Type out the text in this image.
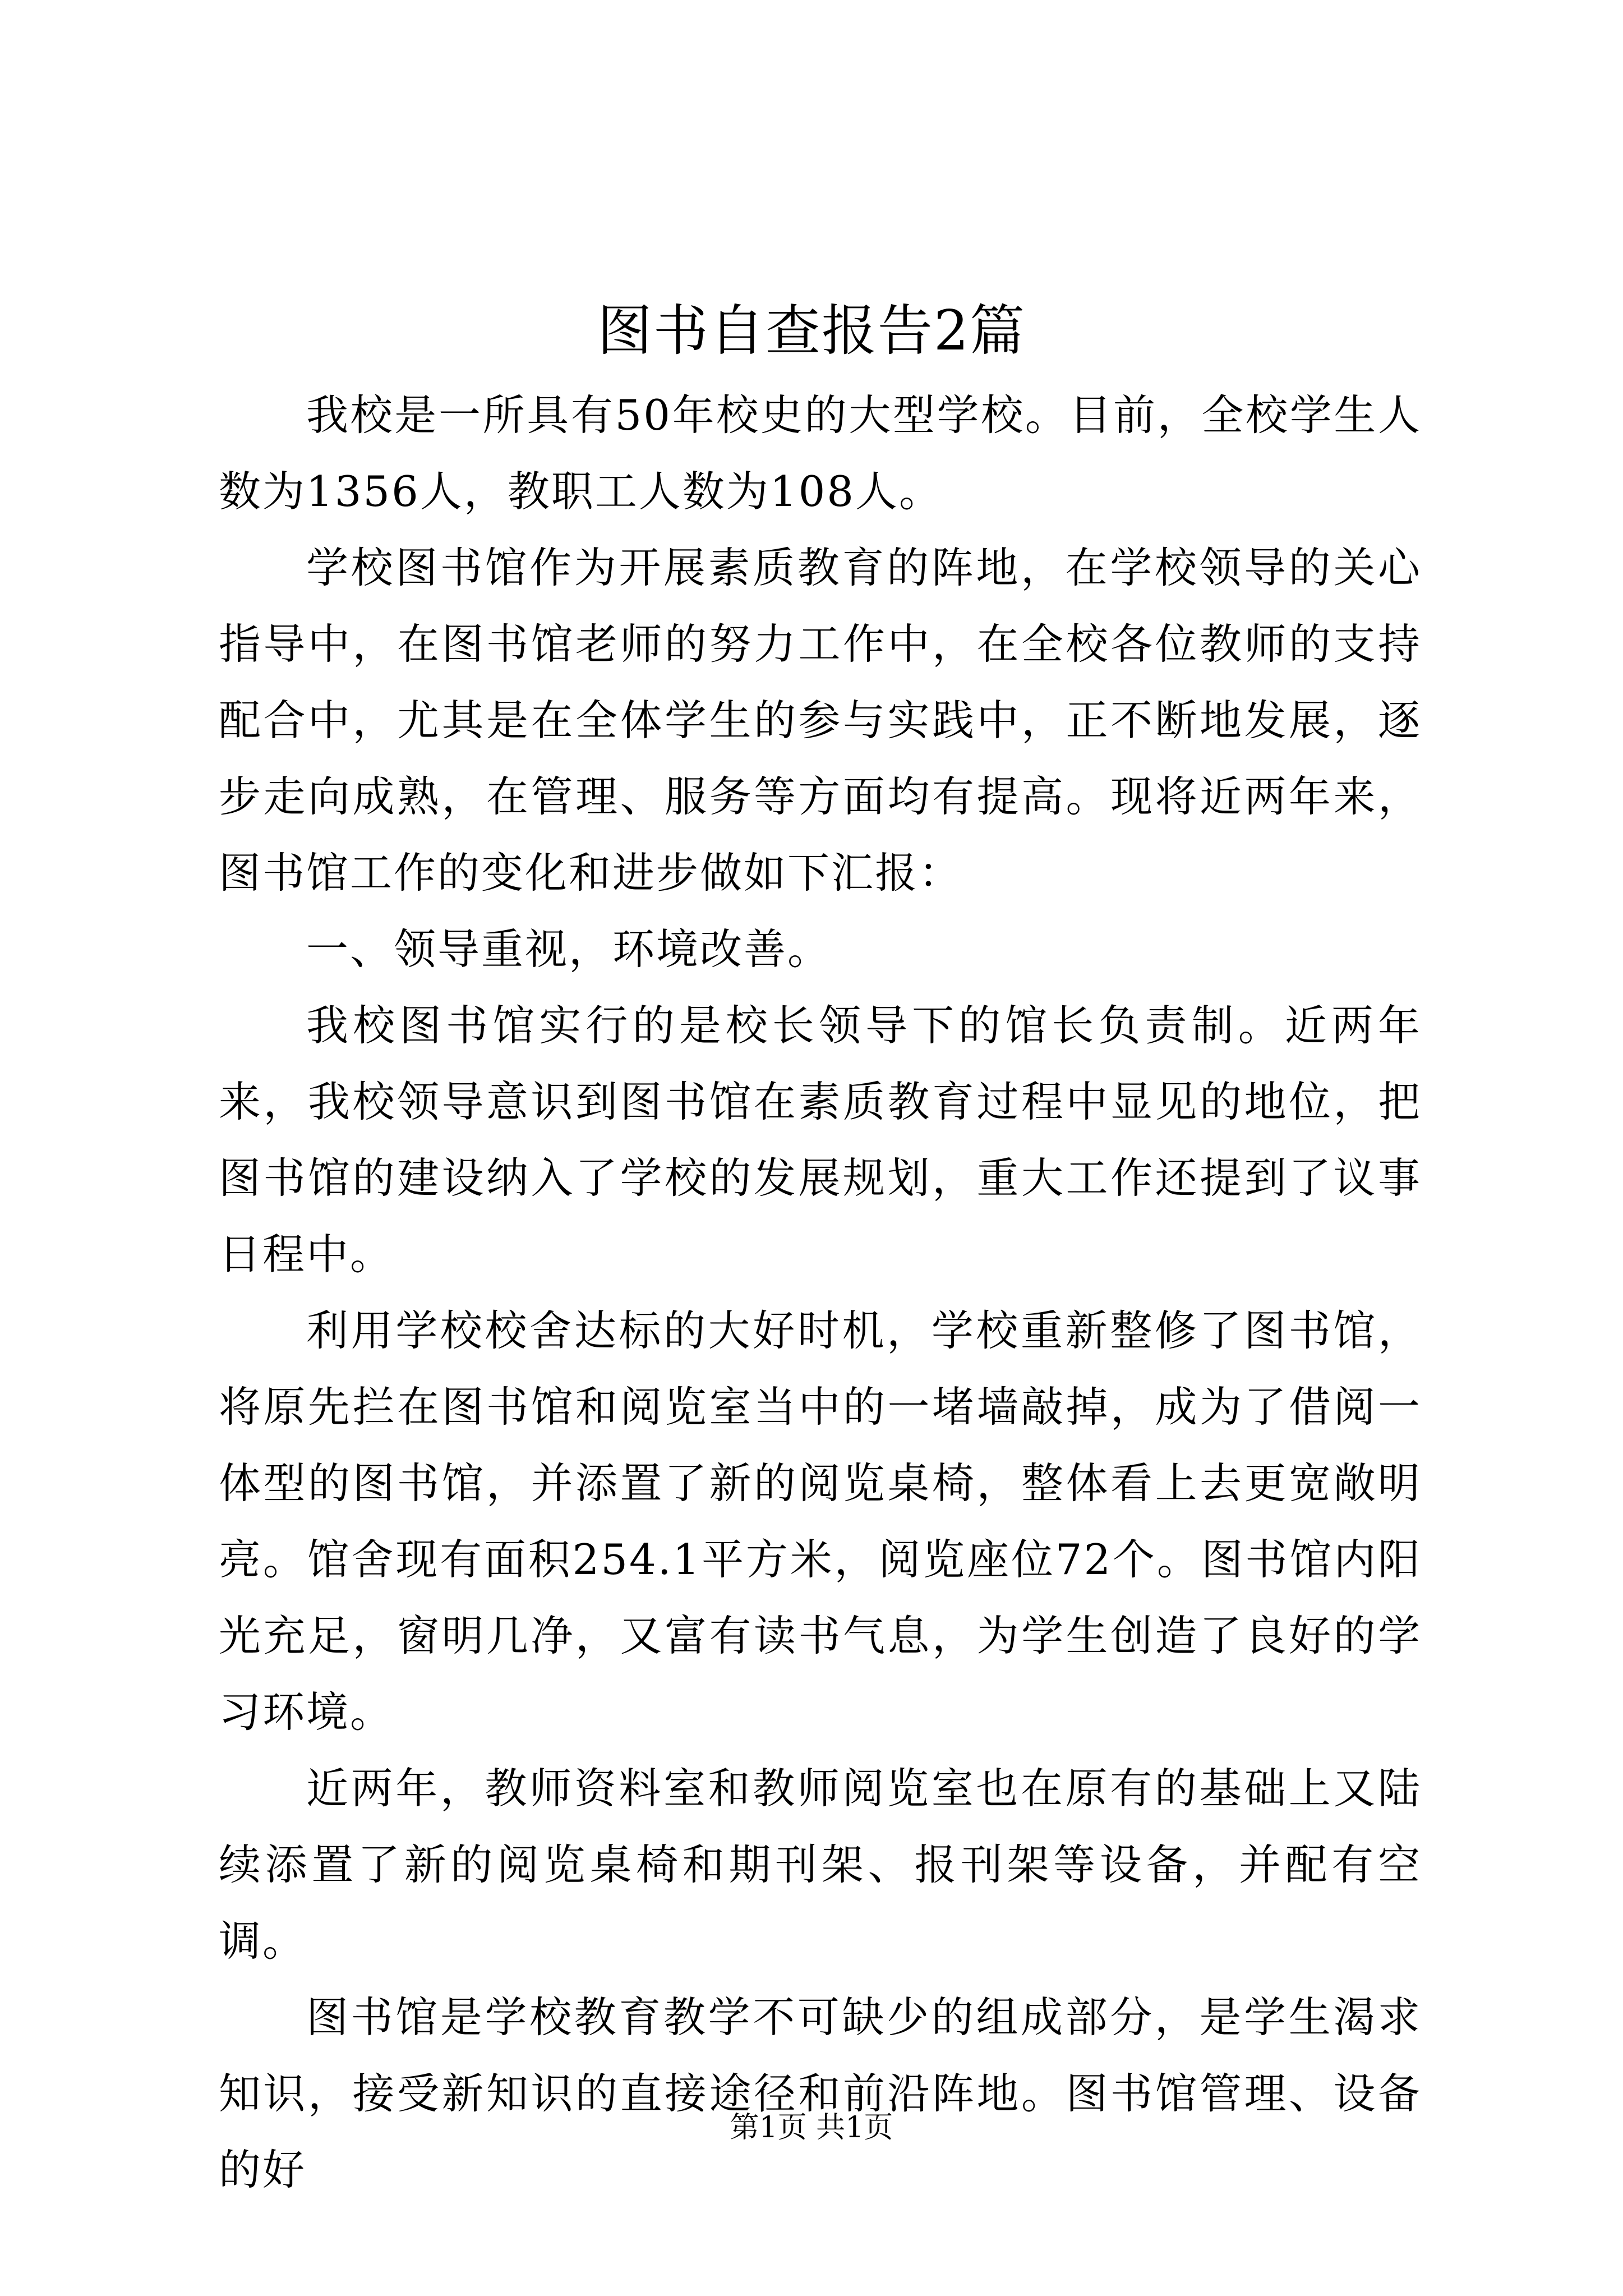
图书自查报告2篇

我校是一所具有50年校史的大型学校。目前，全校学生人数为1356人，教职工人数为108人。

学校图书馆作为开展素质教育的阵地，在学校领导的关心指导中，在图书馆老师的努力工作中，在全校各位教师的支持配合中，尤其是在全体学生的参与实践中，正不断地发展，逐步走向成熟，在管理、服务等方面均有提高。现将近两年来，图书馆工作的变化和进步做如下汇报：

一、领导重视，环境改善。

我校图书馆实行的是校长领导下的馆长负责制。近两年来，我校领导意识到图书馆在素质教育过程中显见的地位，把图书馆的建设纳入了学校的发展规划，重大工作还提到了议事日程中。

利用学校校舍达标的大好时机，学校重新整修了图书馆，将原先拦在图书馆和阅览室当中的一堵墙敲掉，成为了借阅一体型的图书馆，并添置了新的阅览桌椅，整体看上去更宽敞明亮。馆舍现有面积254.1平方米，阅览座位72个。图书馆内阳光充足，窗明几净，又富有读书气息，为学生创造了良好的学习环境。

近两年，教师资料室和教师阅览室也在原有的基础上又陆续添置了新的阅览桌椅和期刊架、报刊架等设备，并配有空调。

图书馆是学校教育教学不可缺少的组成部分，是学生渴求知识，接受新知识的直接途径和前沿阵地。图书馆管理、设备的好

第1页 共1页
